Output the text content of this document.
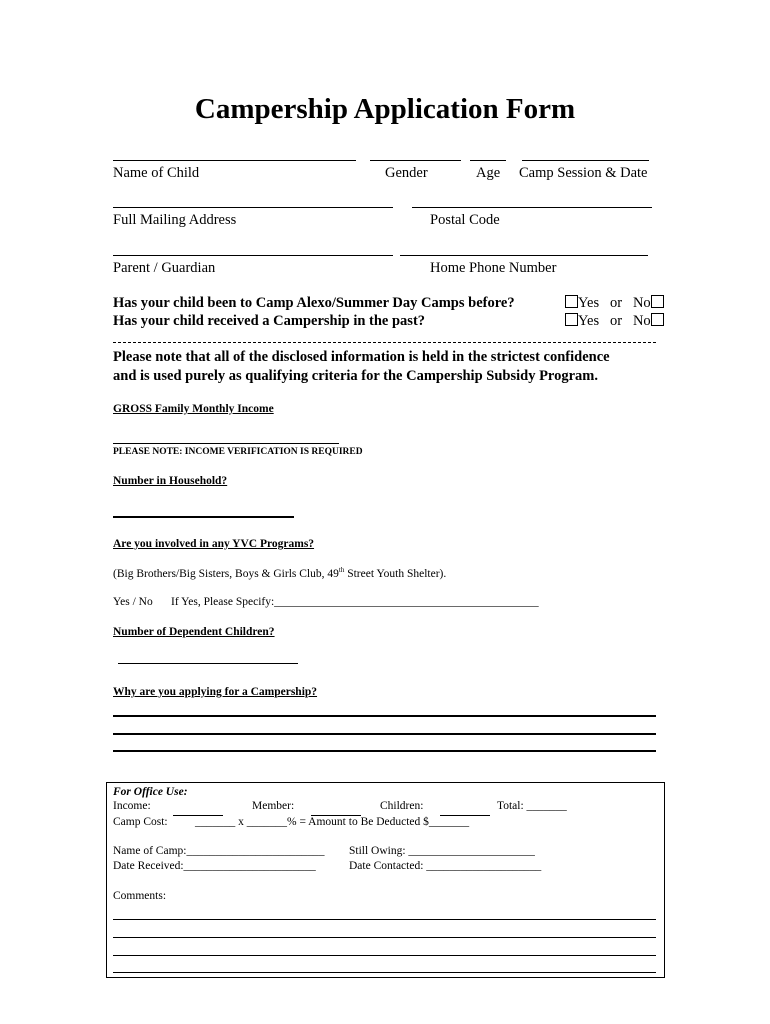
Campership Application Form
Name of Child	Gender	Age Camp Session & Date
Full Mailing Address	Postal Code
Parent / Guardian	Home Phone Number
Has your child been to Camp Alexo/Summer Day Camps before?	Yes or No
Has your child received a Campership in the past?	Yes or No
Please note that all of the disclosed information is held in the strictest confidence
and is used purely as qualifying criteria for the Campership Subsidy Program.
GROSS Family Monthly Income
PLEASE NOTE: INCOME VERIFICATION IS REQUIRED
Number in Household?
Are you involved in any YVC Programs?
(Big Brothers/Big Sisters, Boys & Girls Club, 49th Street Youth Shelter).
Yes / No If Yes, Please Specify:______________________________________________
Number of Dependent Children?
Why are you applying for a Campership?
For Office Use:
Income:	Member:	Children:	Total: _______
Camp Cost: _______ x _______% = Amount to Be Deducted $_______
Name of Camp:________________________ Still Owing: ______________________
Date Received:_______________________	Date Contacted: ____________________
Comments:
